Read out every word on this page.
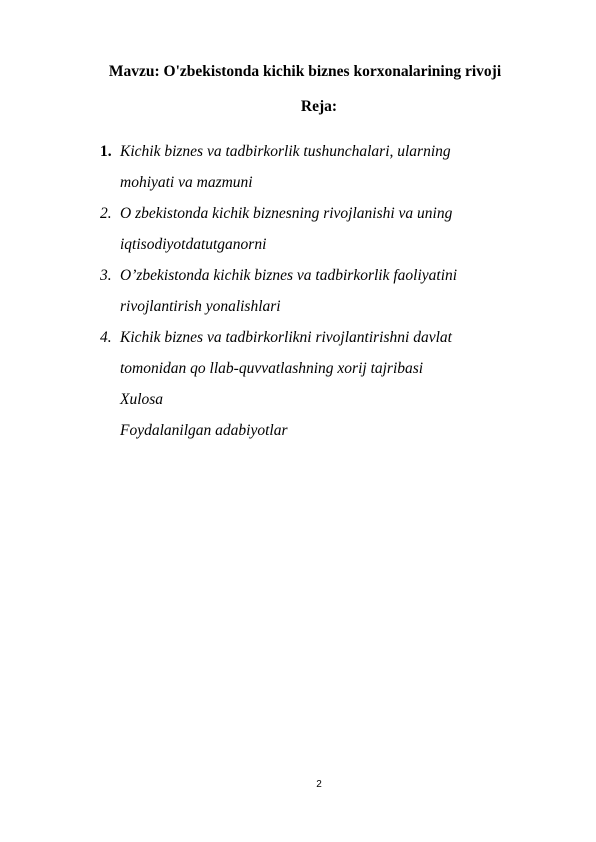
Mavzu: O'zbekistonda kichik biznes korxonalarining rivoji
Reja:
1. Kichik biznes va tadbirkorlik tushunchalari, ularning
mohiyati va mazmuni
2. O zbekistonda kichik biznesning rivojlanishi va uning
iqtisodiyotdatutganorni
3. O’zbekistonda kichik biznes va tadbirkorlik faoliyatini
rivojlantirish yonalishlari
4. Kichik biznes va tadbirkorlikni rivojlantirishni davlat
tomonidan qo llab-quvvatlashning xorij tajribasi
Xulosa
Foydalanilgan adabiyotlar
2
